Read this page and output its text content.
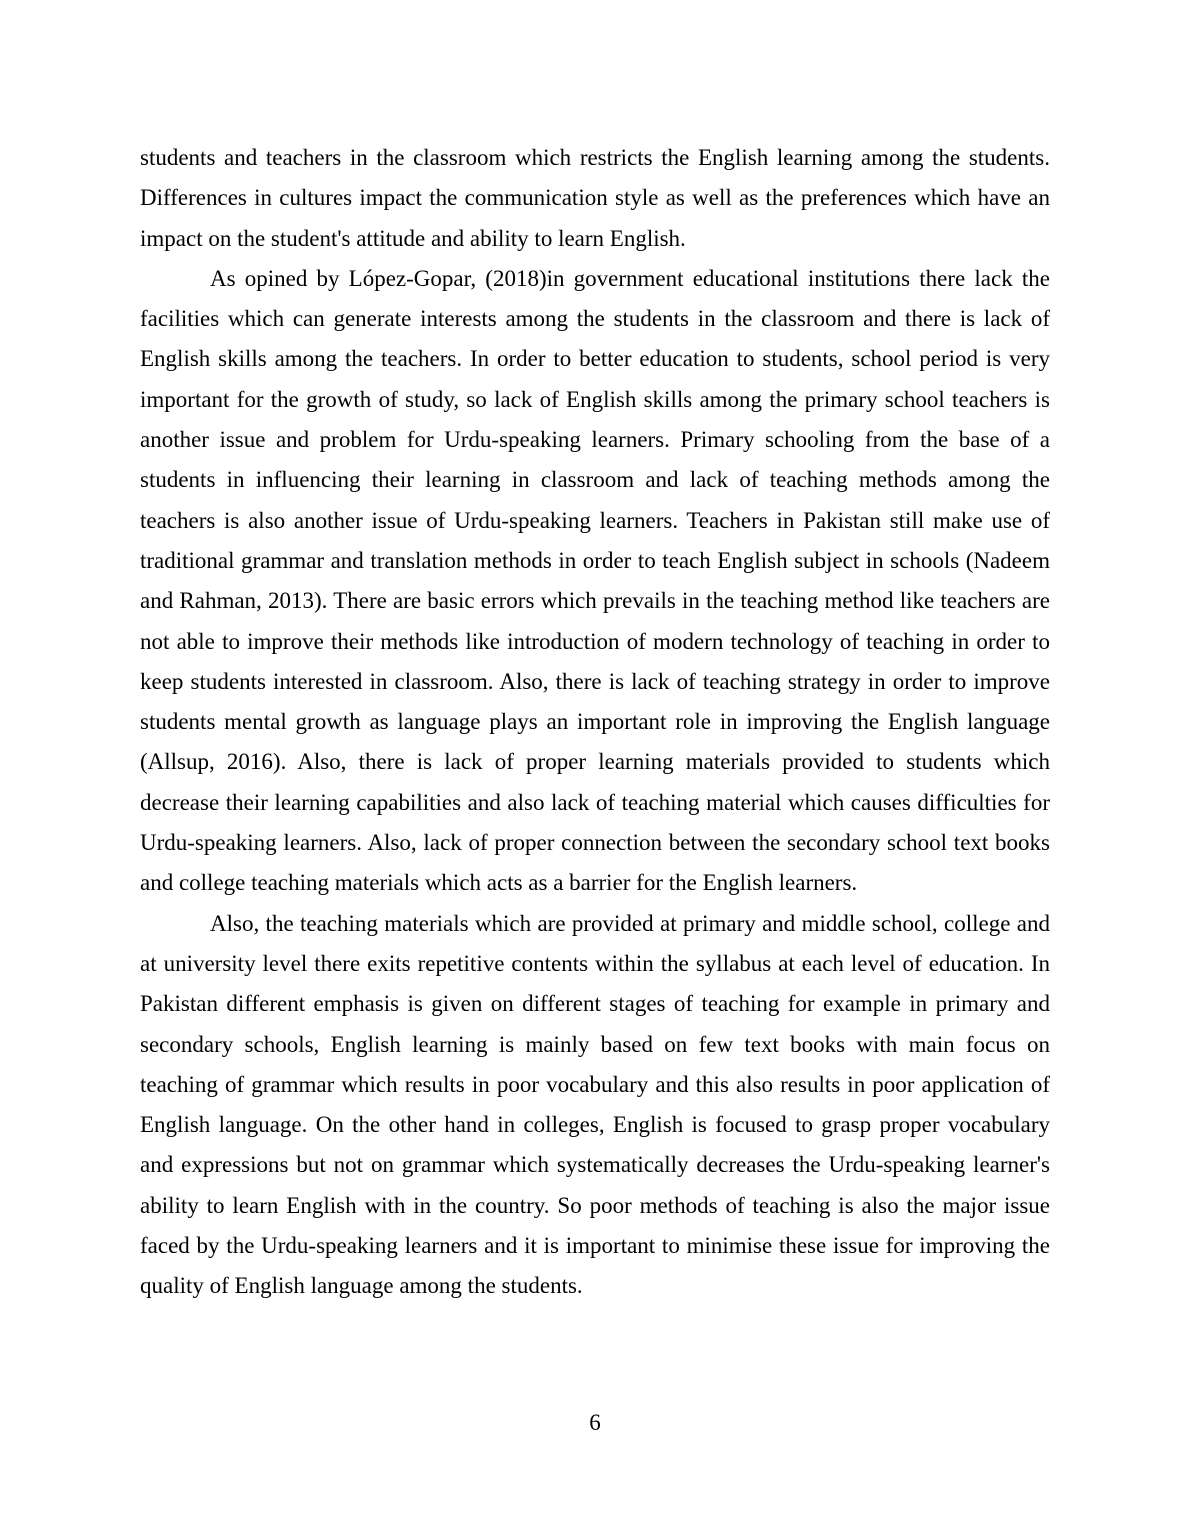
students and teachers in the classroom which restricts the English learning among the students. Differences in cultures impact the communication style as well as the preferences which have an impact on the student's attitude and ability to learn English.

As opined by López-Gopar, (2018)in government educational institutions there lack the facilities which can generate interests among the students in the classroom and there is lack of English skills among the teachers. In order to better education to students, school period is very important for the growth of study, so lack of English skills among the primary school teachers is another issue and problem for Urdu-speaking learners. Primary schooling from the base of a students in influencing their learning in classroom and lack of teaching methods among the teachers is also another issue of Urdu-speaking learners. Teachers in Pakistan still make use of traditional grammar and translation methods in order to teach English subject in schools (Nadeem and Rahman, 2013). There are basic errors which prevails in the teaching method like teachers are not able to improve their methods like introduction of modern technology of teaching in order to keep students interested in classroom. Also, there is lack of teaching strategy in order to improve students mental growth as language plays an important role in improving the English language (Allsup, 2016). Also, there is lack of proper learning materials provided to students which decrease their learning capabilities and also lack of teaching material which causes difficulties for Urdu-speaking learners. Also, lack of proper connection between the secondary school text books and college teaching materials which acts as a barrier for the English learners.

Also, the teaching materials which are provided at primary and middle school, college and at university level there exits repetitive contents within the syllabus at each level of education. In Pakistan different emphasis is given on different stages of teaching for example in primary and secondary schools, English learning is mainly based on few text books with main focus on teaching of grammar which results in poor vocabulary and this also results in poor application of English language. On the other hand in colleges, English is focused to grasp proper vocabulary and expressions but not on grammar which systematically decreases the Urdu-speaking learner's ability to learn English with in the country. So poor methods of teaching is also the major issue faced by the Urdu-speaking learners and it is important to minimise these issue for improving the quality of English language among the students.

6
